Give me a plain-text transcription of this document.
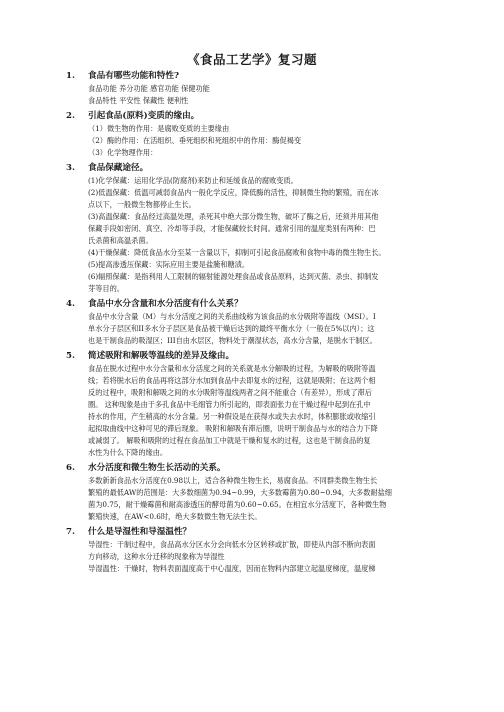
《食品工艺学》复习题
1.	食品有哪些功能和特性?
食品功能 养分功能 感官功能 保健功能
食品特性 平安性 保藏性 便利性
2.	引起食品(原料)变质的缘由。
（1）微生物的作用：是腐败变质的主要缘由
（2）酶的作用：在活组织、垂死组织和死组织中的作用：酶促褐变
（3）化学物理作用：
3.	食品保藏途径。
(1)化学保藏：运用化学品(防腐剂)来防止和延缓食品的腐败变质。
(2)低温保藏：低温可减弱食品内一般化学反应，降低酶的活性，抑制微生物的繁殖，而在冰
点以下，一般微生物都停止生长。
(3)高温保藏：食品经过高温处理，杀死其中绝大部分微生物，破坏了酶之后，还须并用其他
保藏手段如密闭、真空、冷却等手段，才能保藏较长时间。通常引用的温度类别有两种：巴
氏杀菌和高温杀菌。
(4)干燥保藏：降低食品水分至某一含量以下，抑制可引起食品腐败和食物中毒的微生物生长。
(5)提高渗透压保藏：实际应用主要是盐腌和糖渍。
(6)辐照保藏：是指利用人工限制的辐射能源处理食品或食品原料，达到灭菌、杀虫、抑制发
芽等目的。
4.	食品中水分含量和水分活度有什么关系？
食品中水分含量（M）与水分活度之间的关系曲线称为该食品的水分吸附等温线（MSI）。I
单水分子层区和II多水分子层区是食品被干燥后达到的最终平衡水分（一般在5%以内）；这
也是干制食品的吸湿区；III自由水层区，物料处于潮湿状态，高水分含量，是脱水干制区。
5.	简述吸附和解吸等温线的差异及缘由。
食品在脱水过程中水分含量和水分活度之间的关系就是水分解吸的过程，为解吸的吸附等温
线；若将脱水后的食品再将这部分水加到食品中去即复水的过程，这就是吸附；在这两个相
反的过程中，吸附和解吸之间的水分吸附等温线两者之间不能重合（有差异），形成了滞后
圈。 这种现象是由于多孔食品中毛细管力所引起的，即表面张力在干燥过程中起到在孔中
持水的作用，产生稍高的水分含量。另一种假设是在获得水或失去水时，体积膨胀或收缩引
起拟取曲线中这种可见的滞后现象。 吸附和解吸有滞后圈，说明干制食品与水的结合力下降
或减弱了。 解吸和吸附的过程在食品加工中就是干燥和复水的过程，这也是干制食品的复
水性为什么下降的缘由。
6.	水分活度和微生物生长活动的关系。
多数新新食品水分活度在0.98以上，适合各种微生物生长，易腐食品。不同群类微生物生长
繁殖的最低AW的范围是：大多数细菌为0.94~0.99，大多数霉菌为0.80~0.94，大多数耐盐细
菌为0.75，耐干燥霉菌和耐高渗透压的酵母菌为0.60~0.65。在相宜水分活度下，各种微生物
繁殖快速，在AW<0.6时，绝大多数微生物无法生长。
7.	什么是导湿性和导湿温性？
导湿性：干制过程中，食品高水分区水分会向低水分区转移或扩散，即使从内部不断向表面
方向移动，这种水分迁移的现象称为导湿性
导湿温性：干燥时，物料表面温度高于中心温度，因而在物料内部建立起温度梯度，温度梯
